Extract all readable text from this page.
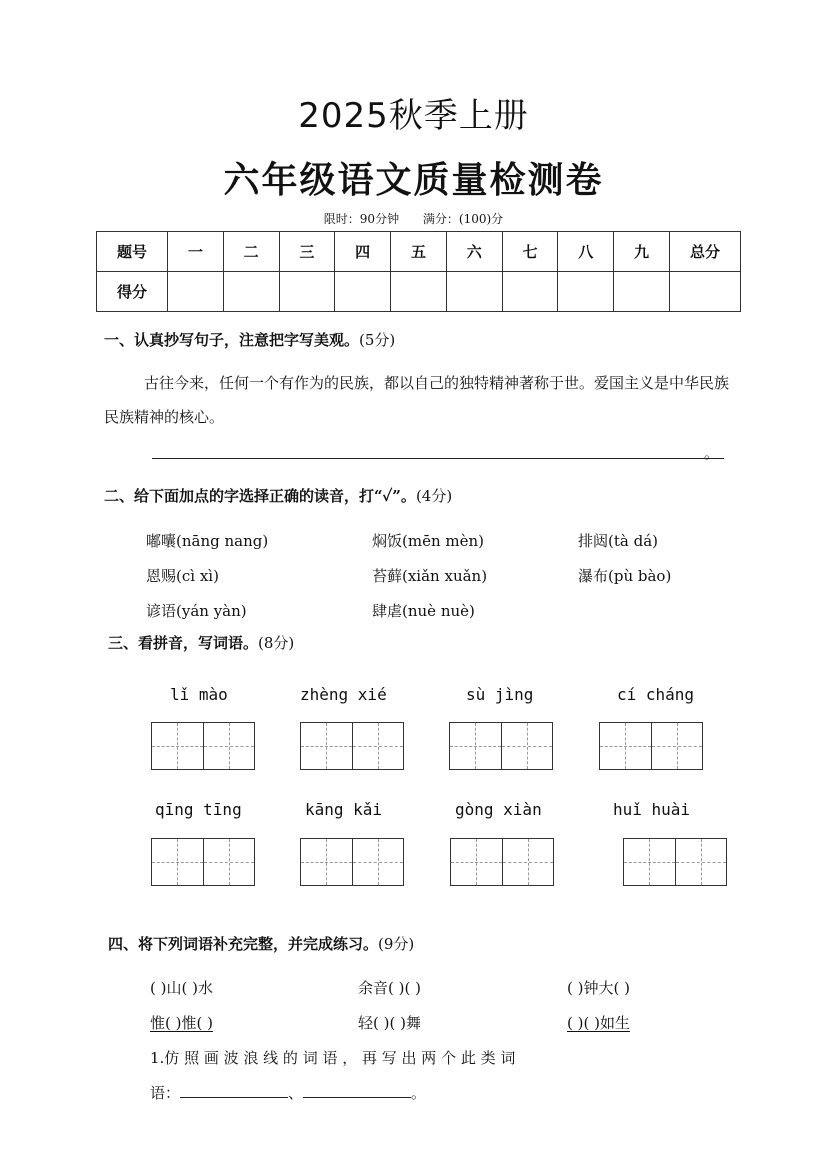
2025秋季上册
六年级语文质量检测卷
限时：90分钟 满分：(100)分
题号	一	二	三	四	五	六	七	八	九	总分
得分										
一、认真抄写句子，注意把字写美观。(5分)
古往今来，任何一个有作为的民族，都以自己的独特精神著称于世。爱国主义是中华民族民族精神的核心。
。
二、给下面加点的字选择正确的读音，打“✓”。(4分)
嘟囔(nāng nang)	焖饭(mēn mèn)	排闼(tà dá)
恩赐(cì xì)	苔藓(xiǎn xuǎn)	瀑布(pù bào)
谚语(yán yàn)	肆虐(nuè nuè)
三、看拼音，写词语。(8分)
lǐ mào	zhèng xié	sù jìng	cí cháng
qīng tīng	kāng kǎi	gòng xiàn	huǐ huài
四、将下列词语补充完整，并完成练习。(9分)
( )山( )水	余音( )( )	( )钟大( )
惟( )惟( )	轻( )( )舞	( )( )如生
1.仿 照 画 波 浪 线 的 词 语 ， 再 写 出 两 个 此 类 词
语：	、	。
